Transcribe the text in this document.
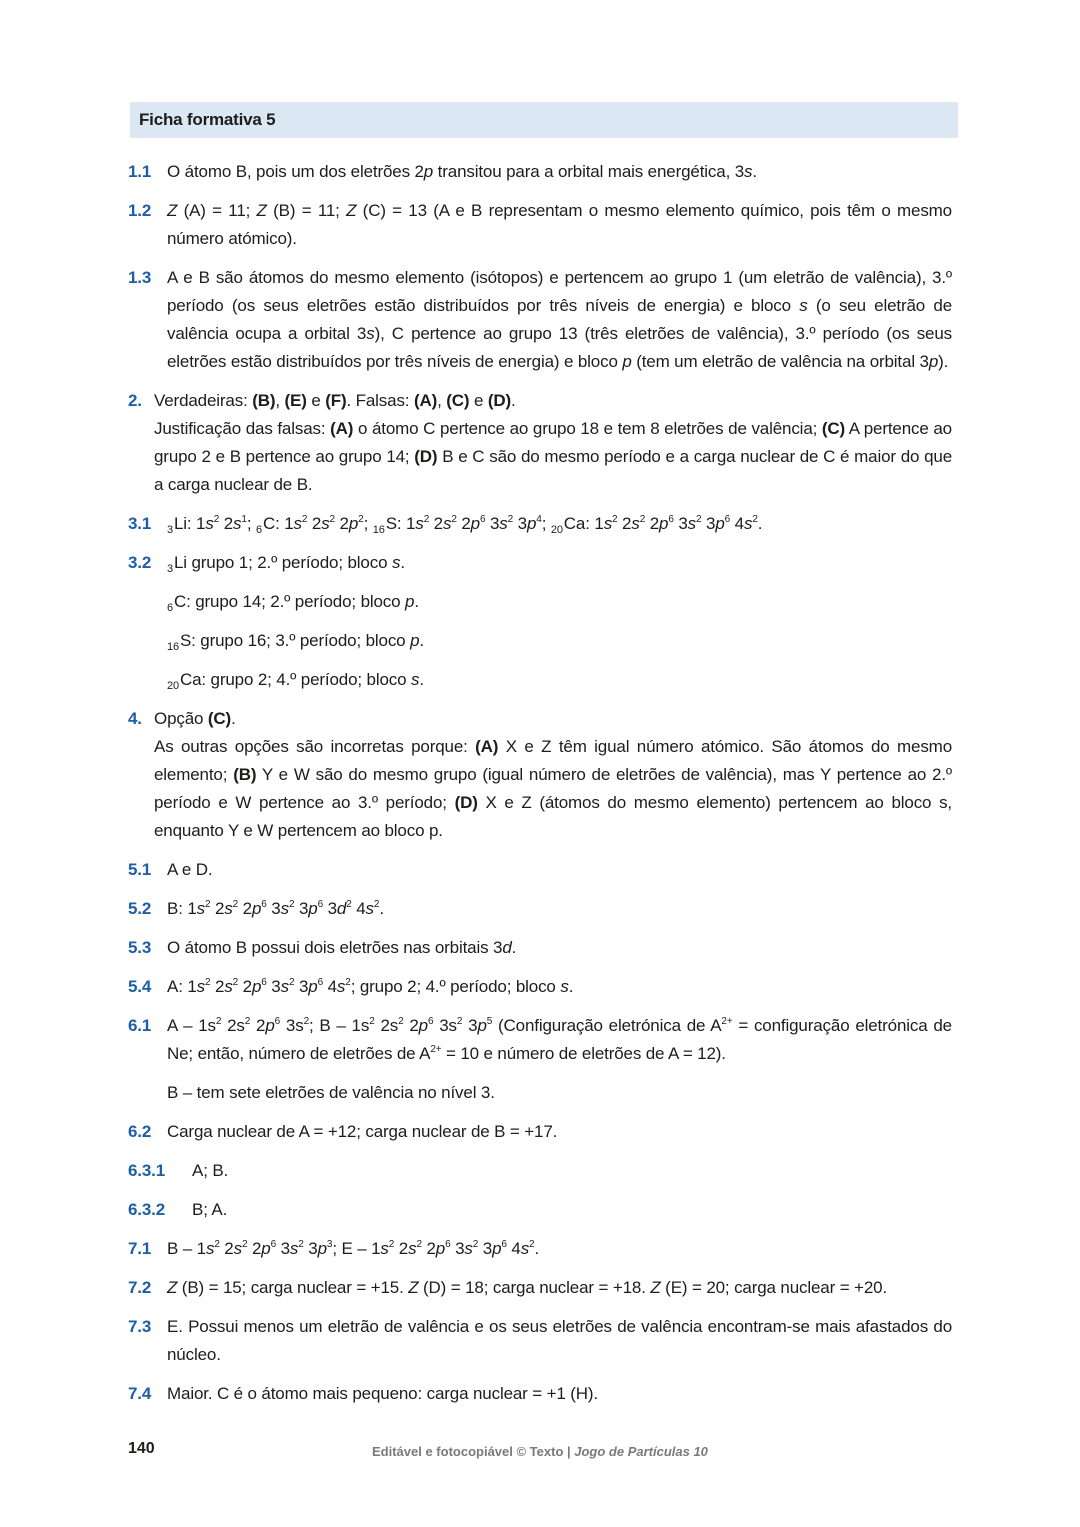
Ficha formativa 5
1.1 O átomo B, pois um dos eletrões 2p transitou para a orbital mais energética, 3s.

1.2 Z (A) = 11; Z (B) = 11; Z (C) = 13 (A e B representam o mesmo elemento químico, pois têm o mesmo número atómico).

1.3 A e B são átomos do mesmo elemento (isótopos) e pertencem ao grupo 1 (um eletrão de valência), 3.º período (os seus eletrões estão distribuídos por três níveis de energia) e bloco s (o seu eletrão de valência ocupa a orbital 3s), C pertence ao grupo 13 (três eletrões de valência), 3.º período (os seus eletrões estão distribuídos por três níveis de energia) e bloco p (tem um eletrão de valência na orbital 3p).

2. Verdadeiras: (B), (E) e (F). Falsas: (A), (C) e (D).

Justificação das falsas: (A) o átomo C pertence ao grupo 18 e tem 8 eletrões de valência; (C) A pertence ao grupo 2 e B pertence ao grupo 14; (D) B e C são do mesmo período e a carga nuclear de C é maior do que a carga nuclear de B.

3.1 $_3$Li: $1s^2$ $2s^1$; $_6$C: $1s^2$ $2s^2$ $2p^2$; $_{16}$S: $1s^2$ $2s^2$ $2p^6$ $3s^2$ $3p^4$; $_{20}$Ca: $1s^2$ $2s^2$ $2p^6$ $3s^2$ $3p^6$ $4s^2$.

3.2 $_3$Li grupo 1; 2.º período; bloco s.

$_6$C: grupo 14; 2.º período; bloco p.

$_{16}$S: grupo 16; 3.º período; bloco p.

$_{20}$Ca: grupo 2; 4.º período; bloco s.

4. Opção (C).

As outras opções são incorretas porque: (A) X e Z têm igual número atómico. São átomos do mesmo elemento; (B) Y e W são do mesmo grupo (igual número de eletrões de valência), mas Y pertence ao 2.º período e W pertence ao 3.º período; (D) X e Z (átomos do mesmo elemento) pertencem ao bloco s, enquanto Y e W pertencem ao bloco p.

5.1 A e D.

5.2 B: $1s^2$ $2s^2$ $2p^6$ $3s^2$ $3p^6$ $3d^2$ $4s^2$.

5.3 O átomo B possui dois eletrões nas orbitais 3d.

5.4 A: $1s^2$ $2s^2$ $2p^6$ $3s^2$ $3p^6$ $4s^2$; grupo 2; 4.º período; bloco s.

6.1 A – $1s^2$ $2s^2$ $2p^6$ $3s^2$; B – $1s^2$ $2s^2$ $2p^6$ $3s^2$ $3p^5$ (Configuração eletrónica de $A^{2+}$ = configuração eletrónica de Ne; então, número de eletrões de $A^{2+} = 10$ e número de eletrões de A = 12).

B – tem sete eletrões de valência no nível 3.

6.2 Carga nuclear de A = +12; carga nuclear de B = +17.

6.3.1 A; B.

6.3.2 B; A.

7.1 B – $1s^2$ $2s^2$ $2p^6$ $3s^2$ $3p^3$; E – $1s^2$ $2s^2$ $2p^6$ $3s^2$ $3p^6$ $4s^2$.

7.2 Z (B) = 15; carga nuclear = +15. Z (D) = 18; carga nuclear = +18. Z (E) = 20; carga nuclear = +20.

7.3 E. Possui menos um eletrão de valência e os seus eletrões de valência encontram-se mais afastados do núcleo.

7.4 Maior. C é o átomo mais pequeno: carga nuclear = +1 (H).

140	Editável e fotocopiável © Texto | Jogo de Partículas 10
